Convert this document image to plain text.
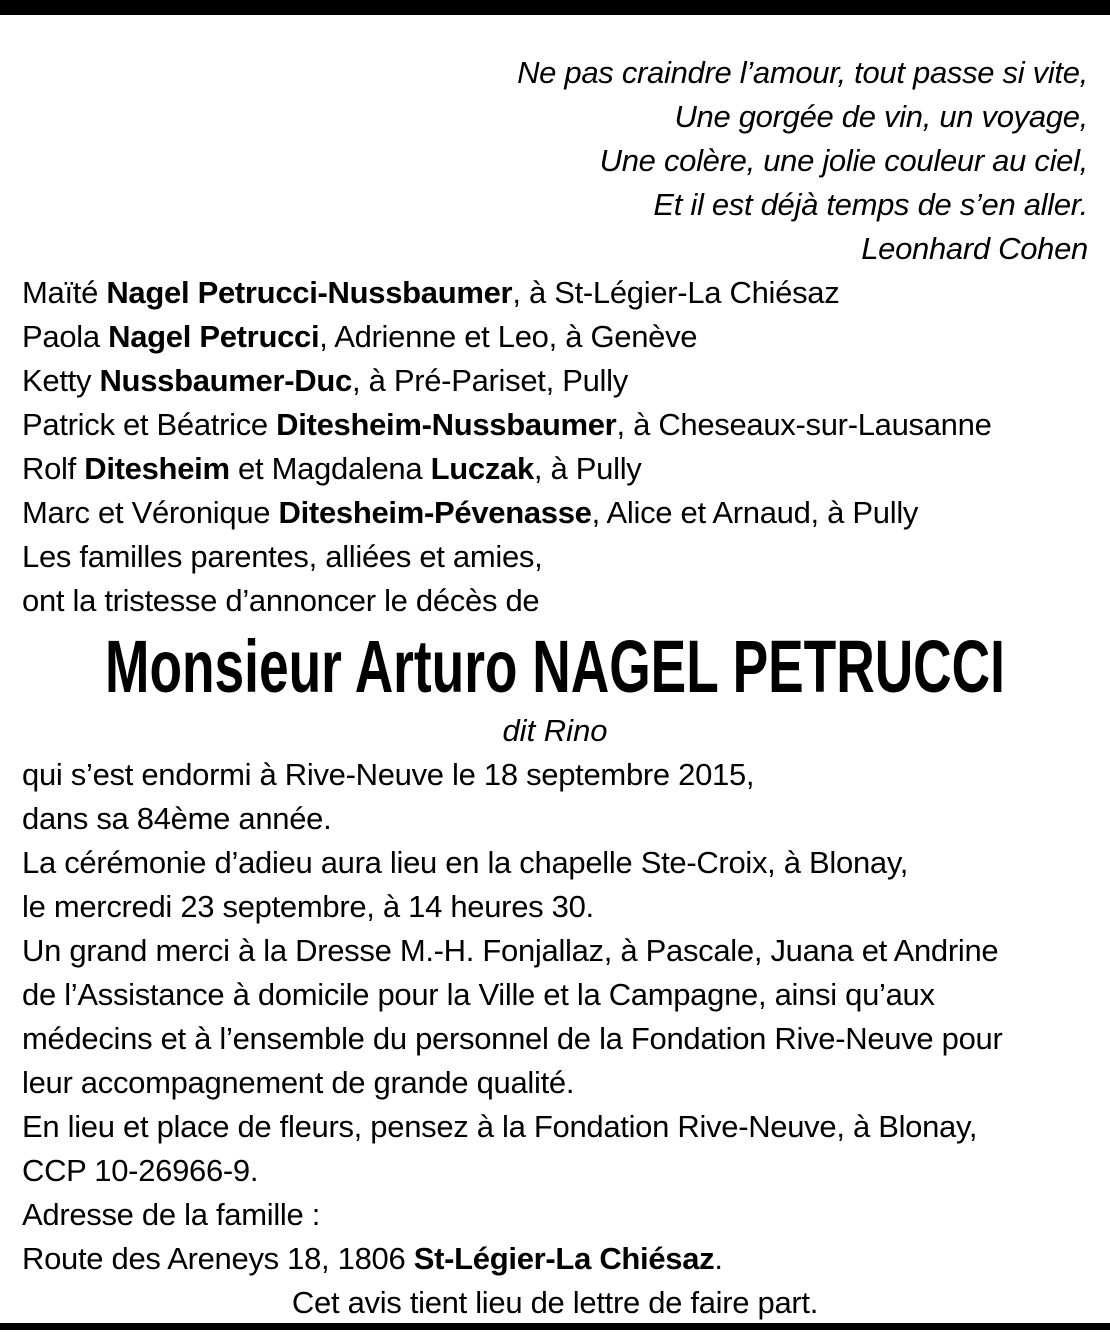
Ne pas craindre l’amour, tout passe si vite,
Une gorgée de vin, un voyage,
Une colère, une jolie couleur au ciel,
Et il est déjà temps de s’en aller.
Leonhard Cohen
Maïté Nagel Petrucci-Nussbaumer, à St-Légier-La Chiésaz
Paola Nagel Petrucci, Adrienne et Leo, à Genève
Ketty Nussbaumer-Duc, à Pré-Pariset, Pully
Patrick et Béatrice Ditesheim-Nussbaumer, à Cheseaux-sur-Lausanne
Rolf Ditesheim et Magdalena Luczak, à Pully
Marc et Véronique Ditesheim-Pévenasse, Alice et Arnaud, à Pully
Les familles parentes, alliées et amies,
ont la tristesse d’annoncer le décès de
Monsieur Arturo NAGEL PETRUCCI
dit Rino
qui s’est endormi à Rive-Neuve le 18 septembre 2015,
dans sa 84ème année.
La cérémonie d’adieu aura lieu en la chapelle Ste-Croix, à Blonay,
le mercredi 23 septembre, à 14 heures 30.
Un grand merci à la Dresse M.-H. Fonjallaz, à Pascale, Juana et Andrine
de l’Assistance à domicile pour la Ville et la Campagne, ainsi qu’aux
médecins et à l’ensemble du personnel de la Fondation Rive-Neuve pour
leur accompagnement de grande qualité.
En lieu et place de fleurs, pensez à la Fondation Rive-Neuve, à Blonay,
CCP 10-26966-9.
Adresse de la famille :
Route des Areneys 18, 1806 St-Légier-La Chiésaz.
Cet avis tient lieu de lettre de faire part.
